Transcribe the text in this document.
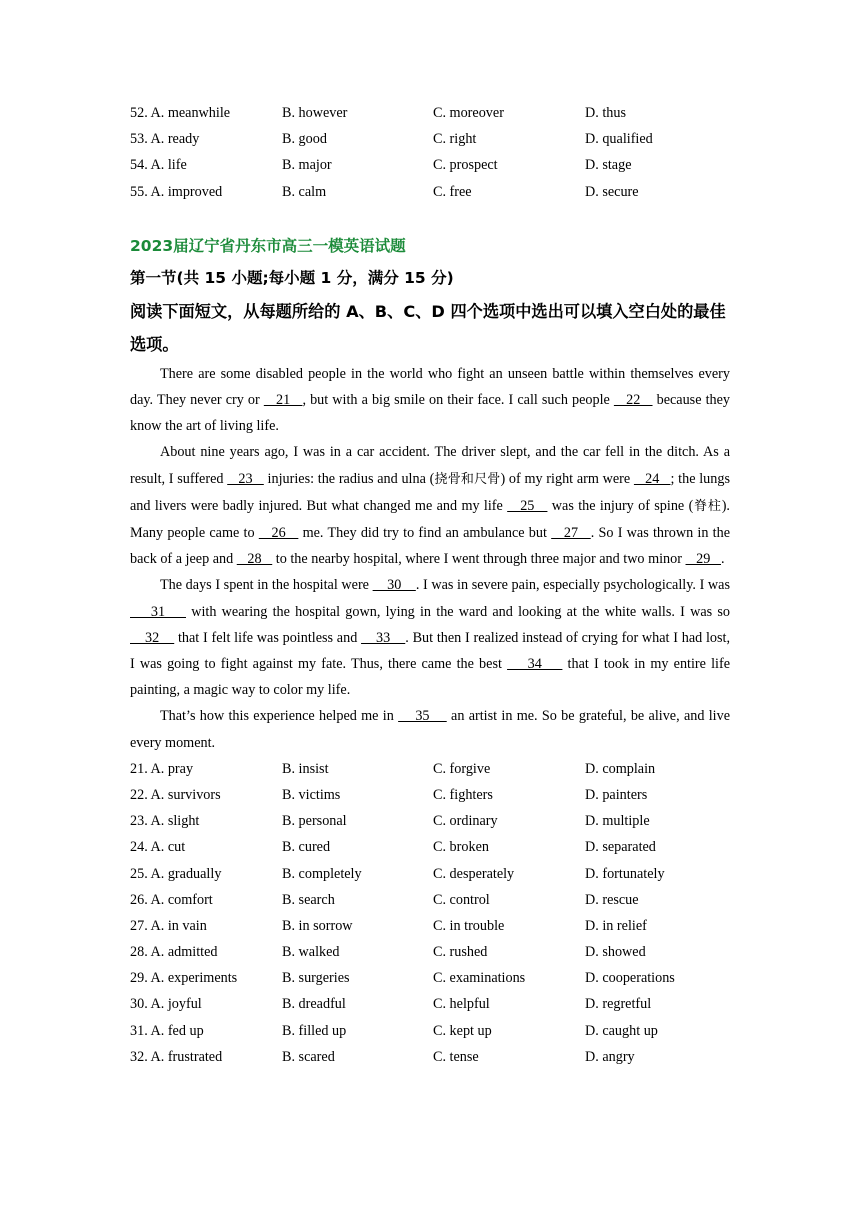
52. A. meanwhile	B. however	C. moreover	D. thus
53. A. ready	B. good	C. right	D. qualified
54. A. life	B. major	C. prospect	D. stage
55. A. improved	B. calm	C. free	D. secure
2023届辽宁省丹东市高三一模英语试题
第一节(共 15 小题;每小题 1 分，满分 15 分)
阅读下面短文，从每题所给的 A、B、C、D 四个选项中选出可以填入空白处的最佳选项。

There are some disabled people in the world who fight an unseen battle within themselves every day. They never cry or    21   , but with a big smile on their face. I call such people    22    because they know the art of living life.

About nine years ago, I was in a car accident. The driver slept, and the car fell in the ditch. As a result, I suffered    23    injuries: the radius and ulna (挠骨和尺骨) of my right arm were    24   ; the lungs and livers were badly injured. But what changed me and my life    25    was the injury of spine (脊柱). Many people came to    26    me. They did try to find an ambulance but    27   . So I was thrown in the back of a jeep and    28    to the nearby hospital, where I went through three major and two minor    29   .

The days I spent in the hospital were     30    . I was in severe pain, especially psychologically. I was     31     with wearing the hospital gown, lying in the ward and looking at the white walls. I was so     32     that I felt life was pointless and     33    . But then I realized instead of crying for what I had lost, I was going to fight against my fate. Thus, there came the best     34     that I took in my entire life painting, a magic way to color my life.

That’s how this experience helped me in     35     an artist in me. So be grateful, be alive, and live every moment.

21. A. pray	B. insist	C. forgive	D. complain
22. A. survivors	B. victims	C. fighters	D. painters
23. A. slight	B. personal	C. ordinary	D. multiple
24. A. cut	B. cured	C. broken	D. separated
25. A. gradually	B. completely	C. desperately	D. fortunately
26. A. comfort	B. search	C. control	D. rescue
27. A. in vain	B. in sorrow	C. in trouble	D. in relief
28. A. admitted	B. walked	C. rushed	D. showed
29. A. experiments	B. surgeries	C. examinations	D. cooperations
30. A. joyful	B. dreadful	C. helpful	D. regretful
31. A. fed up	B. filled up	C. kept up	D. caught up
32. A. frustrated	B. scared	C. tense	D. angry
